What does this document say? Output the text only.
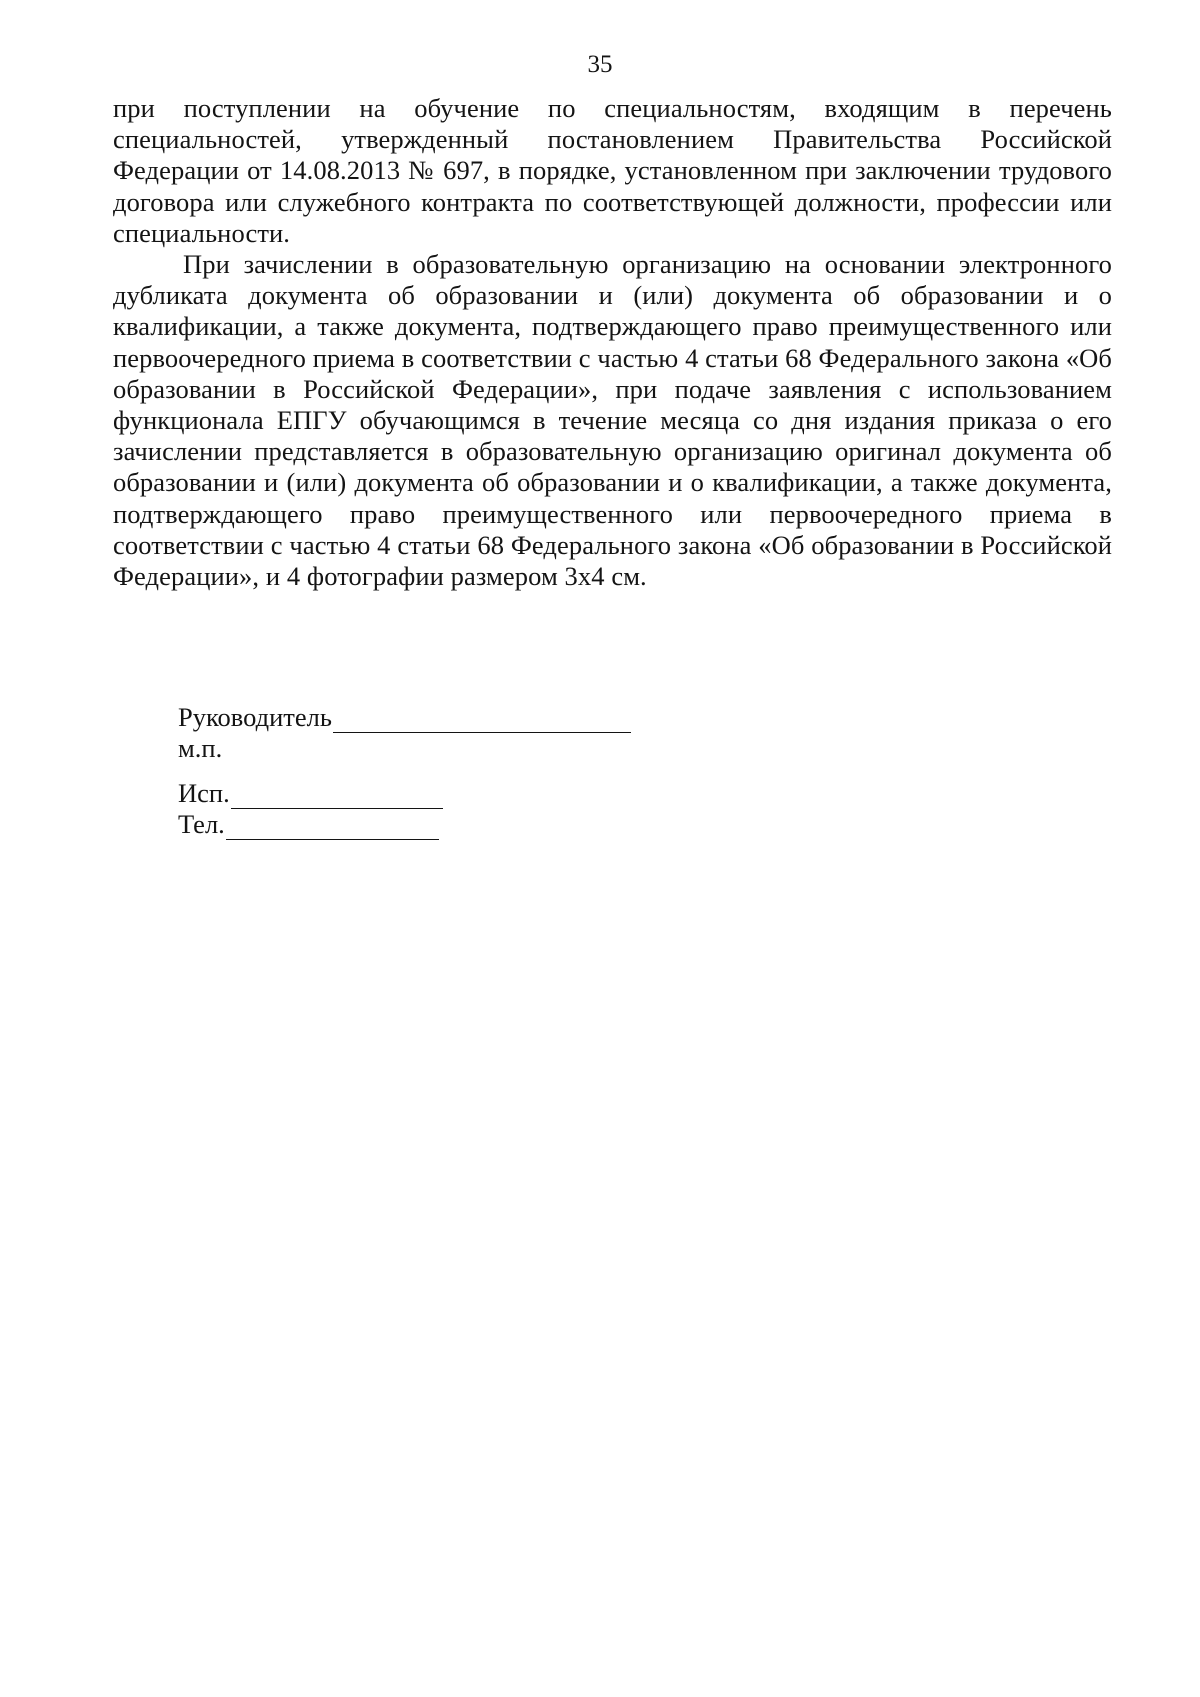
35

при поступлении на обучение по специальностям, входящим в перечень специальностей, утвержденный постановлением Правительства Российской Федерации от 14.08.2013 № 697, в порядке, установленном при заключении трудового договора или служебного контракта по соответствующей должности, профессии или специальности.

При зачислении в образовательную организацию на основании электронного дубликата документа об образовании и (или) документа об образовании и о квалификации, а также документа, подтверждающего право преимущественного или первоочередного приема в соответствии с частью 4 статьи 68 Федерального закона «Об образовании в Российской Федерации», при подаче заявления с использованием функционала ЕПГУ обучающимся в течение месяца со дня издания приказа о его зачислении представляется в образовательную организацию оригинал документа об образовании и (или) документа об образовании и о квалификации, а также документа, подтверждающего право преимущественного или первоочередного приема в соответствии с частью 4 статьи 68 Федерального закона «Об образовании в Российской Федерации», и 4 фотографии размером 3х4 см.

Руководитель
м.п.
Исп.
Тел.
